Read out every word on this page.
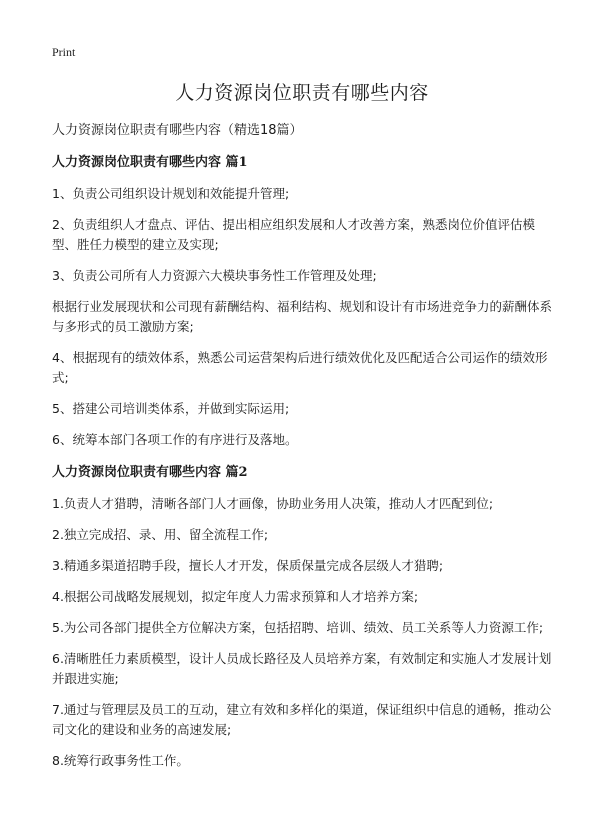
Print
人力资源岗位职责有哪些内容

人力资源岗位职责有哪些内容（精选18篇）

人力资源岗位职责有哪些内容 篇1

1、负责公司组织设计规划和效能提升管理;

2、负责组织人才盘点、评估、提出相应组织发展和人才改善方案，熟悉岗位价值评估模型、胜任力模型的建立及实现;

3、负责公司所有人力资源六大模块事务性工作管理及处理;

根据行业发展现状和公司现有薪酬结构、福利结构、规划和设计有市场进竞争力的薪酬体系与多形式的员工激励方案;

4、根据现有的绩效体系，熟悉公司运营架构后进行绩效优化及匹配适合公司运作的绩效形式;

5、搭建公司培训类体系，并做到实际运用;

6、统筹本部门各项工作的有序进行及落地。

人力资源岗位职责有哪些内容 篇2

1.负责人才猎聘，清晰各部门人才画像，协助业务用人决策，推动人才匹配到位;

2.独立完成招、录、用、留全流程工作;

3.精通多渠道招聘手段，擅长人才开发，保质保量完成各层级人才猎聘;

4.根据公司战略发展规划，拟定年度人力需求预算和人才培养方案;

5.为公司各部门提供全方位解决方案，包括招聘、培训、绩效、员工关系等人力资源工作;

6.清晰胜任力素质模型，设计人员成长路径及人员培养方案，有效制定和实施人才发展计划并跟进实施;

7.通过与管理层及员工的互动，建立有效和多样化的渠道，保证组织中信息的通畅，推动公司文化的建设和业务的高速发展;

8.统筹行政事务性工作。
